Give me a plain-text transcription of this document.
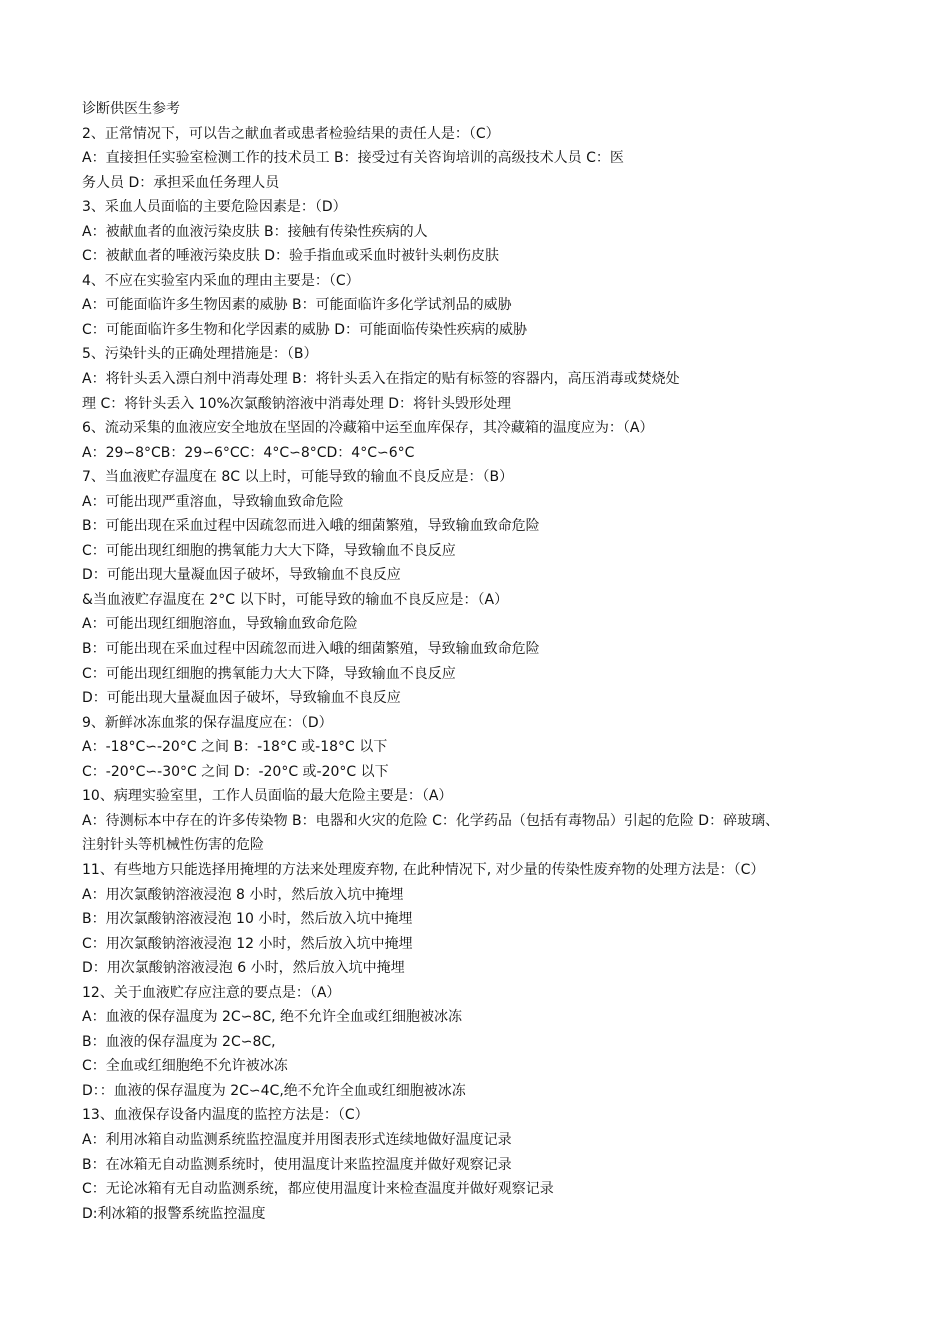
诊断供医生参考
2、正常情况下，可以告之献血者或患者检验结果的责任人是：（C）
A：直接担任实验室检测工作的技术员工 B：接受过有关咨询培训的高级技术人员 C：医
务人员 D：承担采血任务理人员
3、采血人员面临的主要危险因素是：（D）
A：被献血者的血液污染皮肤 B：接触有传染性疾病的人
C：被献血者的唾液污染皮肤 D：验手指血或采血时被针头刺伤皮肤
4、不应在实验室内采血的理由主要是：（C）
A：可能面临许多生物因素的威胁 B：可能面临许多化学试剂品的威胁
C：可能面临许多生物和化学因素的威胁 D：可能面临传染性疾病的威胁
5、污染针头的正确处理措施是：（B）
A：将针头丢入漂白剂中消毒处理 B：将针头丢入在指定的贴有标签的容器内，高压消毒或焚烧处
理 C：将针头丢入 10%次氯酸钠溶液中消毒处理 D：将针头毁形处理
6、流动采集的血液应安全地放在坚固的冷藏箱中运至血库保存，其冷藏箱的温度应为：（A）
A：29∽8°CB：29∽6°CC：4°C∽8°CD：4°C∽6°C
7、当血液贮存温度在 8C 以上时，可能导致的输血不良反应是：（B）
A：可能出现严重溶血，导致输血致命危险
B：可能出现在采血过程中因疏忽而进入峨的细菌繁殖，导致输血致命危险
C：可能出现红细胞的携氧能力大大下降，导致输血不良反应
D：可能出现大量凝血因子破坏，导致输血不良反应
&当血液贮存温度在 2°C 以下时，可能导致的输血不良反应是：（A）
A：可能出现红细胞溶血，导致输血致命危险
B：可能出现在采血过程中因疏忽而进入峨的细菌繁殖，导致输血致命危险
C：可能出现红细胞的携氧能力大大下降，导致输血不良反应
D：可能出现大量凝血因子破坏，导致输血不良反应
9、新鲜冰冻血浆的保存温度应在：（D）
A：-18°C∽-20°C 之间 B：-18°C 或-18°C 以下
C：-20°C∽-30°C 之间 D：-20°C 或-20°C 以下
10、病理实验室里，工作人员面临的最大危险主要是：（A）
A：待测标本中存在的许多传染物 B：电器和火灾的危险 C：化学药品（包括有毒物品）引起的危险 D：碎玻璃、
注射针头等机械性伤害的危险
11、有些地方只能选择用掩埋的方法来处理废弃物, 在此种情况下, 对少量的传染性废弃物的处理方法是：（C）
A：用次氯酸钠溶液浸泡 8 小时，然后放入坑中掩埋
B：用次氯酸钠溶液浸泡 10 小时，然后放入坑中掩埋
C：用次氯酸钠溶液浸泡 12 小时，然后放入坑中掩埋
D：用次氯酸钠溶液浸泡 6 小时，然后放入坑中掩埋
12、关于血液贮存应注意的要点是：（A）
A：血液的保存温度为 2C∽8C, 绝不允许全血或红细胞被冰冻
B：血液的保存温度为 2C∽8C,
C：全血或红细胞绝不允许被冰冻
D：：血液的保存温度为 2C∽4C,绝不允许全血或红细胞被冰冻
13、血液保存设备内温度的监控方法是：（C）
A：利用冰箱自动监测系统监控温度并用图表形式连续地做好温度记录
B：在冰箱无自动监测系统时，使用温度计来监控温度并做好观察记录
C：无论冰箱有无自动监测系统，都应使用温度计来检查温度并做好观察记录
D:利冰箱的报警系统监控温度
